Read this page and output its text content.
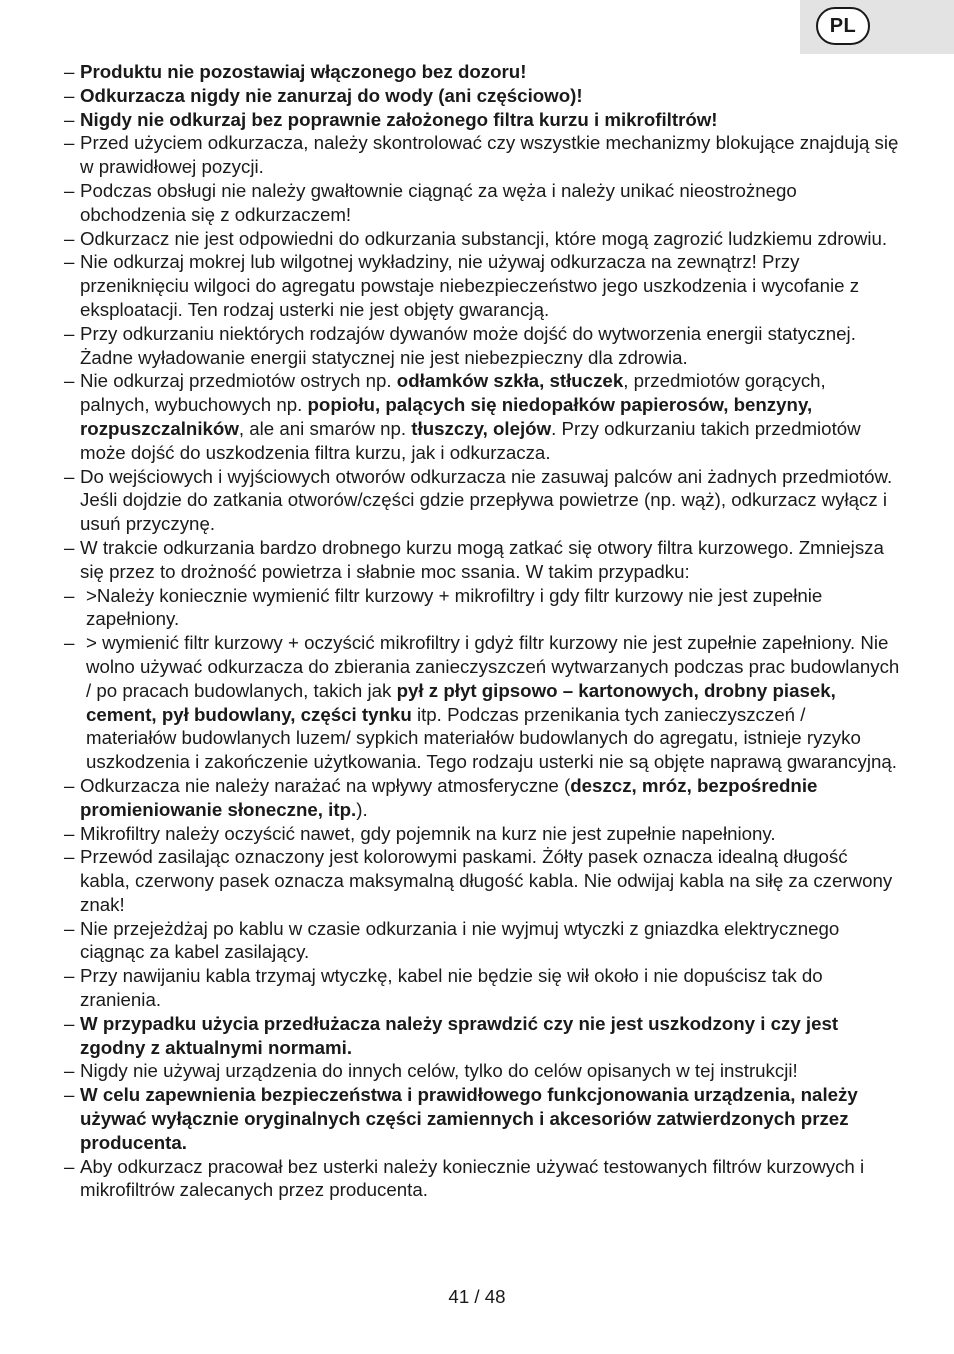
PL
– Produktu nie pozostawiaj włączonego bez dozoru!
– Odkurzacza nigdy nie zanurzaj do wody (ani częściowo)!
– Nigdy nie odkurzaj bez poprawnie założonego filtra kurzu i mikrofiltrów!
– Przed użyciem odkurzacza, należy skontrolować czy wszystkie mechanizmy blokujące znajdują się w prawidłowej pozycji.
– Podczas obsługi nie należy gwałtownie ciągnąć za węża i należy unikać nieostrożnego obchodzenia się z odkurzaczem!
– Odkurzacz nie jest odpowiedni do odkurzania substancji, które mogą zagrozić ludzkiemu zdrowiu.
– Nie odkurzaj mokrej lub wilgotnej wykładziny, nie używaj odkurzacza na zewnątrz! Przy przeniknięciu wilgoci do agregatu powstaje niebezpieczeństwo jego uszkodzenia i wycofanie z eksploatacji. Ten rodzaj usterki nie jest objęty gwarancją.
– Przy odkurzaniu niektórych rodzajów dywanów może dojść do wytworzenia energii statycznej. Żadne wyładowanie energii statycznej nie jest niebezpieczny dla zdrowia.
– Nie odkurzaj przedmiotów ostrych np. odłamków szkła, stłuczek, przedmiotów gorących, palnych, wybuchowych np. popiołu, palących się niedopałków papierosów, benzyny, rozpuszczalników, ale ani smarów np. tłuszczy, olejów. Przy odkurzaniu takich przedmiotów może dojść do uszkodzenia filtra kurzu, jak i odkurzacza.
– Do wejściowych i wyjściowych otworów odkurzacza nie zasuwaj palców ani żadnych przedmiotów. Jeśli dojdzie do zatkania otworów/części gdzie przepływa powietrze (np. wąż), odkurzacz wyłącz i usuń przyczynę.
– W trakcie odkurzania bardzo drobnego kurzu mogą zatkać się otwory filtra kurzowego. Zmniejsza się przez to drożność powietrza i słabnie moc ssania. W takim przypadku:
– >Należy koniecznie wymienić filtr kurzowy + mikrofiltry i gdy filtr kurzowy nie jest zupełnie zapełniony.
– > wymienić filtr kurzowy + oczyścić mikrofiltry i gdyż filtr kurzowy nie jest zupełnie zapełniony. Nie wolno używać odkurzacza do zbierania zanieczyszczeń wytwarzanych podczas prac budowlanych / po pracach budowlanych, takich jak pył z płyt gipsowo – kartonowych, drobny piasek, cement, pył budowlany, części tynku itp. Podczas przenikania tych zanieczyszczeń / materiałów budowlanych luzem/ sypkich materiałów budowlanych do agregatu, istnieje ryzyko uszkodzenia i zakończenie użytkowania. Tego rodzaju usterki nie są objęte naprawą gwarancyjną.
– Odkurzacza nie należy narażać na wpływy atmosferyczne (deszcz, mróz, bezpośrednie promieniowanie słoneczne, itp.).
– Mikrofiltry należy oczyścić nawet, gdy pojemnik na kurz nie jest zupełnie napełniony.
– Przewód zasilając oznaczony jest kolorowymi paskami. Żółty pasek oznacza idealną długość kabla, czerwony pasek oznacza maksymalną długość kabla. Nie odwijaj kabla na siłę za czerwony znak!
– Nie przejeżdżaj po kablu w czasie odkurzania i nie wyjmuj wtyczki z gniazdka elektrycznego ciągnąc za kabel zasilający.
– Przy nawijaniu kabla trzymaj wtyczkę, kabel nie będzie się wił około i nie dopuścisz tak do zranienia.
– W przypadku użycia przedłużacza należy sprawdzić czy nie jest uszkodzony i czy jest zgodny z aktualnymi normami.
– Nigdy nie używaj urządzenia do innych celów, tylko do celów opisanych w tej instrukcji!
– W celu zapewnienia bezpieczeństwa i prawidłowego funkcjonowania urządzenia, należy używać wyłącznie oryginalnych części zamiennych i akcesoriów zatwierdzonych przez producenta.
– Aby odkurzacz pracował bez usterki należy koniecznie używać testowanych filtrów kurzowych i mikrofiltrów zalecanych przez producenta.
41 / 48
